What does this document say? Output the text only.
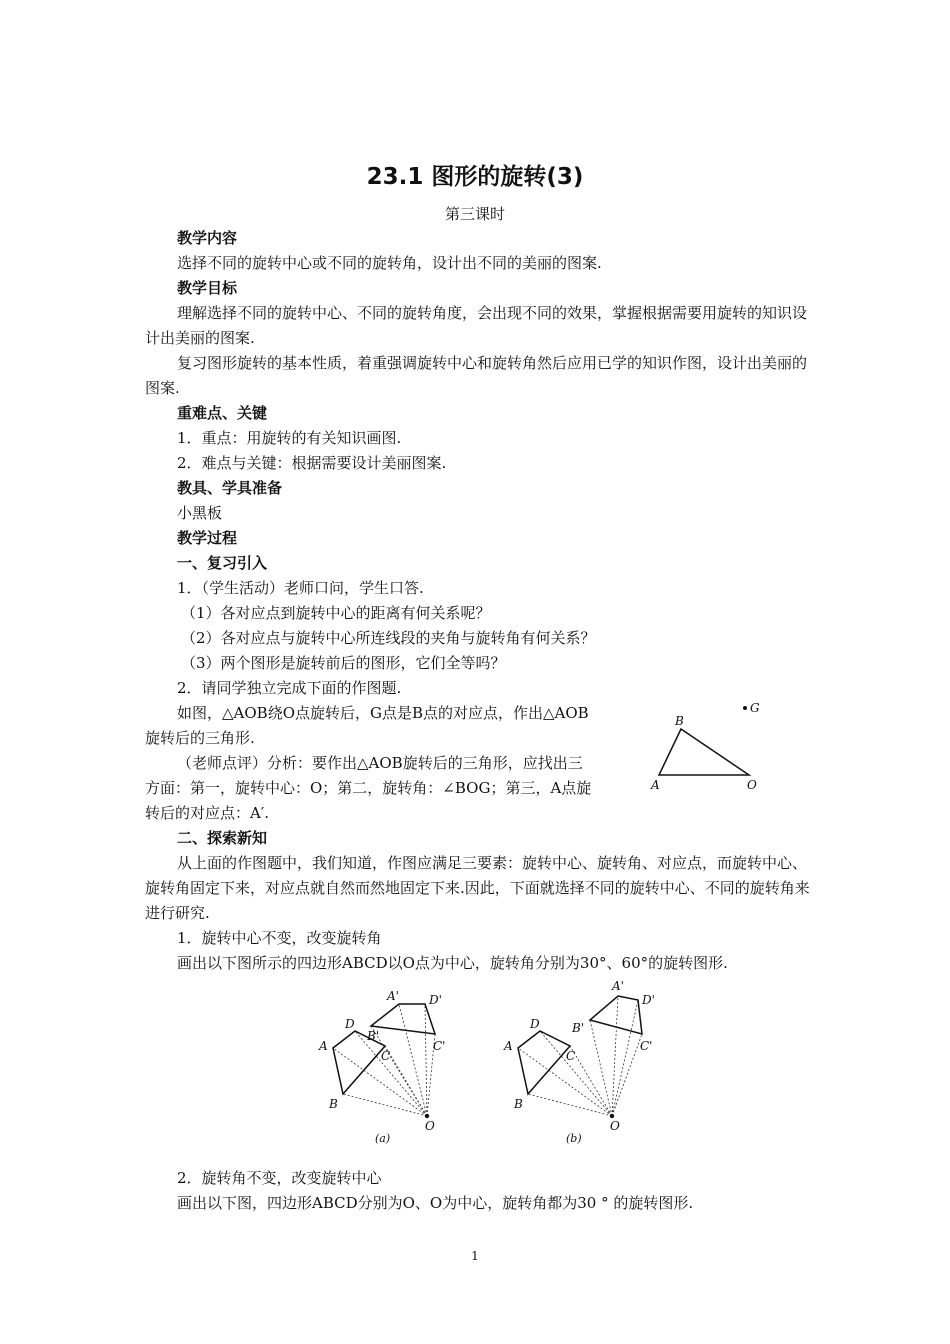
23.1 图形的旋转(3)
第三课时

教学内容

选择不同的旋转中心或不同的旋转角，设计出不同的美丽的图案.

教学目标

理解选择不同的旋转中心、不同的旋转角度，会出现不同的效果，掌握根据需要用旋转的知识设计出美丽的图案.

复习图形旋转的基本性质，着重强调旋转中心和旋转角然后应用已学的知识作图，设计出美丽的图案.

重难点、关键

1．重点：用旋转的有关知识画图.

2．难点与关键：根据需要设计美丽图案.

教具、学具准备

小黑板

教学过程

一、复习引入

1．（学生活动）老师口问，学生口答.

（1）各对应点到旋转中心的距离有何关系呢？

（2）各对应点与旋转中心所连线段的夹角与旋转角有何关系？

（3）两个图形是旋转前后的图形，它们全等吗？

2．请同学独立完成下面的作图题.

B
A	O
G

如图，△AOB绕O点旋转后，G点是B点的对应点，作出△AOB旋转后的三角形.

（老师点评）分析：要作出△AOB旋转后的三角形，应找出三方面：第一，旋转中心：O；第二，旋转角：∠BOG；第三，A点旋转后的对应点：A′.

二、探索新知

从上面的作图题中，我们知道，作图应满足三要素：旋转中心、旋转角、对应点，而旋转中心、旋转角固定下来，对应点就自然而然地固定下来.因此，下面就选择不同的旋转中心、不同的旋转角来进行研究.

1．旋转中心不变，改变旋转角

画出以下图所示的四边形ABCD以O点为中心，旋转角分别为30°、60°的旋转图形.

A
B
C
D
A'
B'
C'
D'
O
(a)
A
B
C
D
A'
B'
C'
D'
O
(b)

2．旋转角不变，改变旋转中心

画出以下图，四边形ABCD分别为O、O为中心，旋转角都为30 ° 的旋转图形.

1
